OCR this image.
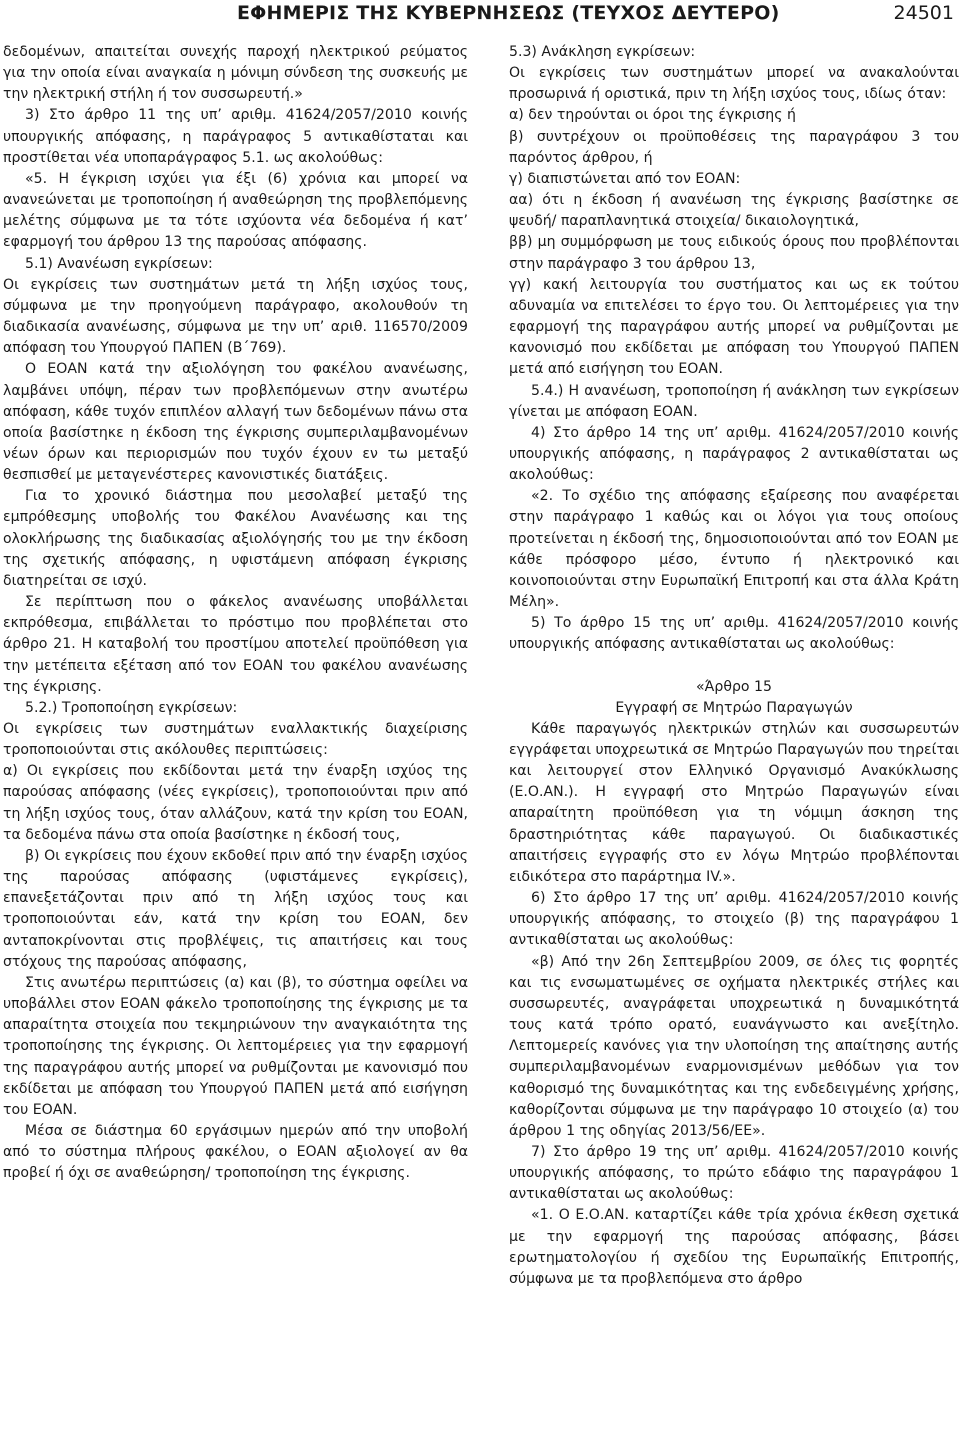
ΕΦΗΜΕΡΙΣ ΤΗΣ ΚΥΒΕΡΝΗΣΕΩΣ (ΤΕΥΧΟΣ ΔΕΥΤΕΡΟ)	24501

δεδομένων, απαιτείται συνεχής παροχή ηλεκτρικού ρεύματος για την οποία είναι αναγκαία η μόνιμη σύνδεση της συσκευής με την ηλεκτρική στήλη ή τον συσσωρευτή.»

3) Στο άρθρο 11 της υπ’ αριθμ. 41624/2057/2010 κοινής υπουργικής απόφασης, η παράγραφος 5 αντικαθίσταται και προστίθεται νέα υποπαράγραφος 5.1. ως ακολούθως:

«5. Η έγκριση ισχύει για έξι (6) χρόνια και μπορεί να ανανεώνεται με τροποποίηση ή αναθεώρηση της προβλεπόμενης μελέτης σύμφωνα με τα τότε ισχύοντα νέα δεδομένα ή κατ’ εφαρμογή του άρθρου 13 της παρούσας απόφασης.

5.1) Ανανέωση εγκρίσεων:

Οι εγκρίσεις των συστημάτων μετά τη λήξη ισχύος τους, σύμφωνα με την προηγούμενη παράγραφο, ακολουθούν τη διαδικασία ανανέωσης, σύμφωνα με την υπ’ αριθ. 116570/2009 απόφαση του Υπουργού ΠΑΠΕΝ (Β΄769).

Ο ΕΟΑΝ κατά την αξιολόγηση του φακέλου ανανέωσης, λαμβάνει υπόψη, πέραν των προβλεπόμενων στην ανωτέρω απόφαση, κάθε τυχόν επιπλέον αλλαγή των δεδομένων πάνω στα οποία βασίστηκε η έκδοση της έγκρισης συμπεριλαμβανομένων νέων όρων και περιορισμών που τυχόν έχουν εν τω μεταξύ θεσπισθεί με μεταγενέστερες κανονιστικές διατάξεις.

Για το χρονικό διάστημα που μεσολαβεί μεταξύ της εμπρόθεσμης υποβολής του Φακέλου Ανανέωσης και της ολοκλήρωσης της διαδικασίας αξιολόγησής του με την έκδοση της σχετικής απόφασης, η υφιστάμενη απόφαση έγκρισης διατηρείται σε ισχύ.

Σε περίπτωση που ο φάκελος ανανέωσης υποβάλλεται εκπρόθεσμα, επιβάλλεται το πρόστιμο που προβλέπεται στο άρθρο 21. Η καταβολή του προστίμου αποτελεί προϋπόθεση για την μετέπειτα εξέταση από τον ΕΟΑΝ του φακέλου ανανέωσης της έγκρισης.

5.2.) Τροποποίηση εγκρίσεων:

Οι εγκρίσεις των συστημάτων εναλλακτικής διαχείρισης τροποποιούνται στις ακόλουθες περιπτώσεις:

α) Οι εγκρίσεις που εκδίδονται μετά την έναρξη ισχύος της παρούσας απόφασης (νέες εγκρίσεις), τροποποιούνται πριν από τη λήξη ισχύος τους, όταν αλλάζουν, κατά την κρίση του ΕΟΑΝ, τα δεδομένα πάνω στα οποία βασίστηκε η έκδοσή τους,

β) Οι εγκρίσεις που έχουν εκδοθεί πριν από την έναρξη ισχύος της παρούσας απόφασης (υφιστάμενες εγκρίσεις), επανεξετάζονται πριν από τη λήξη ισχύος τους και τροποποιούνται εάν, κατά την κρίση του ΕΟΑΝ, δεν ανταποκρίνονται στις προβλέψεις, τις απαιτήσεις και τους στόχους της παρούσας απόφασης,

Στις ανωτέρω περιπτώσεις (α) και (β), το σύστημα οφείλει να υποβάλλει στον ΕΟΑΝ φάκελο τροποποίησης της έγκρισης με τα απαραίτητα στοιχεία που τεκμηριώνουν την αναγκαιότητα της τροποποίησης της έγκρισης. Οι λεπτομέρειες για την εφαρμογή της παραγράφου αυτής μπορεί να ρυθμίζονται με κανονισμό που εκδίδεται με απόφαση του Υπουργού ΠΑΠΕΝ μετά από εισήγηση του ΕΟΑΝ.

Μέσα σε διάστημα 60 εργάσιμων ημερών από την υποβολή από το σύστημα πλήρους φακέλου, ο ΕΟΑΝ αξιολογεί αν θα προβεί ή όχι σε αναθεώρηση/ τροποποίηση της έγκρισης.

5.3) Ανάκληση εγκρίσεων:

Οι εγκρίσεις των συστημάτων μπορεί να ανακαλούνται προσωρινά ή οριστικά, πριν τη λήξη ισχύος τους, ιδίως όταν:

α) δεν τηρούνται οι όροι της έγκρισης ή

β) συντρέχουν οι προϋποθέσεις της παραγράφου 3 του παρόντος άρθρου, ή

γ) διαπιστώνεται από τον ΕΟΑΝ:

αα) ότι η έκδοση ή ανανέωση της έγκρισης βασίστηκε σε ψευδή/ παραπλανητικά στοιχεία/ δικαιολογητικά,

ββ) μη συμμόρφωση με τους ειδικούς όρους που προβλέπονται στην παράγραφο 3 του άρθρου 13,

γγ) κακή λειτουργία του συστήματος και ως εκ τούτου αδυναμία να επιτελέσει το έργο του. Οι λεπτομέρειες για την εφαρμογή της παραγράφου αυτής μπορεί να ρυθμίζονται με κανονισμό που εκδίδεται με απόφαση του Υπουργού ΠΑΠΕΝ μετά από εισήγηση του ΕΟΑΝ.

5.4.) Η ανανέωση, τροποποίηση ή ανάκληση των εγκρίσεων γίνεται με απόφαση ΕΟΑΝ.

4) Στο άρθρο 14 της υπ’ αριθμ. 41624/2057/2010 κοινής υπουργικής απόφασης, η παράγραφος 2 αντικαθίσταται ως ακολούθως:

«2. Το σχέδιο της απόφασης εξαίρεσης που αναφέρεται στην παράγραφο 1 καθώς και οι λόγοι για τους οποίους προτείνεται η έκδοσή της, δημοσιοποιούνται από τον ΕΟΑΝ με κάθε πρόσφορο μέσο, έντυπο ή ηλεκτρονικό και κοινοποιούνται στην Ευρωπαϊκή Επιτροπή και στα άλλα Κράτη Μέλη».

5) Το άρθρο 15 της υπ’ αριθμ. 41624/2057/2010 κοινής υπουργικής απόφασης αντικαθίσταται ως ακολούθως:

«Άρθρο 15

Εγγραφή σε Μητρώο Παραγωγών

Κάθε παραγωγός ηλεκτρικών στηλών και συσσωρευτών εγγράφεται υποχρεωτικά σε Μητρώο Παραγωγών που τηρείται και λειτουργεί στον Ελληνικό Οργανισμό Ανακύκλωσης (Ε.Ο.ΑΝ.). Η εγγραφή στο Μητρώο Παραγωγών είναι απαραίτητη προϋπόθεση για τη νόμιμη άσκηση της δραστηριότητας κάθε παραγωγού. Οι διαδικαστικές απαιτήσεις εγγραφής στο εν λόγω Μητρώο προβλέπονται ειδικότερα στο παράρτημα IV.».

6) Στο άρθρο 17 της υπ’ αριθμ. 41624/2057/2010 κοινής υπουργικής απόφασης, το στοιχείο (β) της παραγράφου 1 αντικαθίσταται ως ακολούθως:

«β) Από την 26η Σεπτεμβρίου 2009, σε όλες τις φορητές και τις ενσωματωμένες σε οχήματα ηλεκτρικές στήλες και συσσωρευτές, αναγράφεται υποχρεωτικά η δυναμικότητά τους κατά τρόπο ορατό, ευανάγνωστο και ανεξίτηλο. Λεπτομερείς κανόνες για την υλοποίηση της απαίτησης αυτής συμπεριλαμβανομένων εναρμονισμένων μεθόδων για τον καθορισμό της δυναμικότητας και της ενδεδειγμένης χρήσης, καθορίζονται σύμφωνα με την παράγραφο 10 στοιχείο (α) του άρθρου 1 της οδηγίας 2013/56/ΕΕ».

7) Στο άρθρο 19 της υπ’ αριθμ. 41624/2057/2010 κοινής υπουργικής απόφασης, το πρώτο εδάφιο της παραγράφου 1 αντικαθίσταται ως ακολούθως:

«1. Ο Ε.Ο.ΑΝ. καταρτίζει κάθε τρία χρόνια έκθεση σχετικά με την εφαρμογή της παρούσας απόφασης, βάσει ερωτηματολογίου ή σχεδίου της Ευρωπαϊκής Επιτροπής, σύμφωνα με τα προβλεπόμενα στο άρθρο
